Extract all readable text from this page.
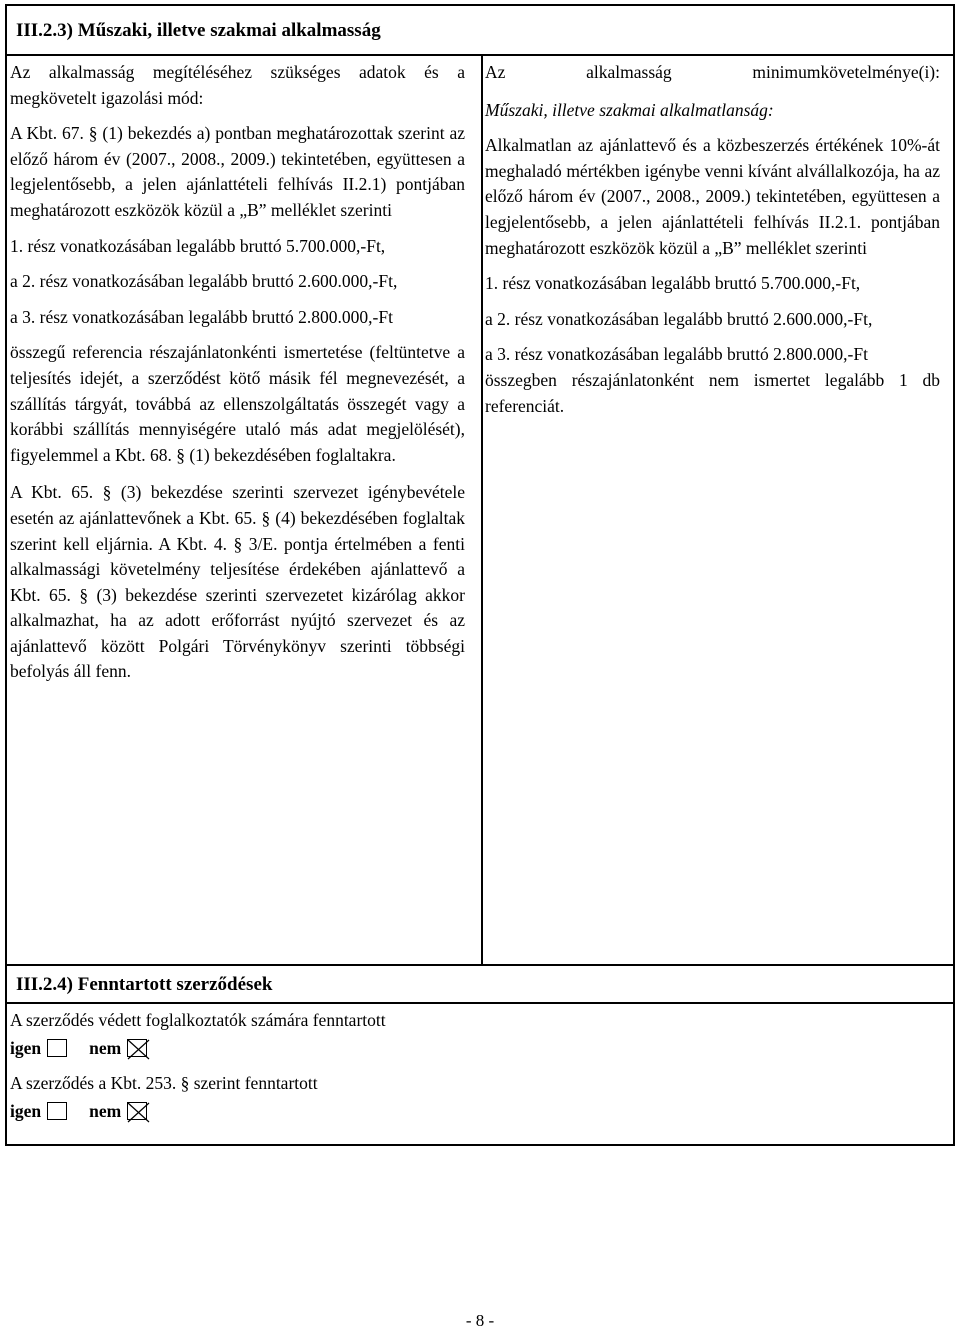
III.2.3) Műszaki, illetve szakmai alkalmasság
III.2.4) Fenntartott szerződések

Az alkalmasság megítéléséhez szükséges adatok és a megkövetelt igazolási mód:

A Kbt. 67. § (1) bekezdés a) pontban meghatározottak szerint az előző három év (2007., 2008., 2009.) tekintetében, együttesen a legjelentősebb, a jelen ajánlattételi felhívás II.2.1) pontjában meghatározott eszközök közül a „B” melléklet szerinti

1. rész vonatkozásában legalább bruttó 5.700.000,-Ft,

a 2. rész vonatkozásában legalább bruttó 2.600.000,-Ft,

a 3. rész vonatkozásában legalább bruttó 2.800.000,-Ft

összegű referencia részajánlatonkénti ismertetése (feltüntetve a teljesítés idejét, a szerződést kötő másik fél megnevezését, a szállítás tárgyát, továbbá az ellenszolgáltatás összegét vagy a korábbi szállítás mennyiségére utaló más adat megjelölését), figyelemmel a Kbt. 68. § (1) bekezdésében foglaltakra.

A Kbt. 65. § (3) bekezdése szerinti szervezet igénybevétele esetén az ajánlattevőnek a Kbt. 65. § (4) bekezdésében foglaltak szerint kell eljárnia. A Kbt. 4. § 3/E. pontja értelmében a fenti alkalmassági követelmény teljesítése érdekében ajánlattevő a Kbt. 65. § (3) bekezdése szerinti szervezetet kizárólag akkor alkalmazhat, ha az adott erőforrást nyújtó szervezet és az ajánlattevő között Polgári Törvénykönyv szerinti többségi befolyás áll fenn.

Az alkalmasság minimumkövetelménye(i):

Műszaki, illetve szakmai alkalmatlanság:

Alkalmatlan az ajánlattevő és a közbeszerzés értékének 10%-át meghaladó mértékben igénybe venni kívánt alvállalkozója, ha az előző három év (2007., 2008., 2009.) tekintetében, együttesen a legjelentősebb, a jelen ajánlattételi felhívás II.2.1. pontjában meghatározott eszközök közül a „B” melléklet szerinti

1. rész vonatkozásában legalább bruttó 5.700.000,-Ft,

a 2. rész vonatkozásában legalább bruttó 2.600.000,-Ft,

a 3. rész vonatkozásában legalább bruttó 2.800.000,-Ft

összegben részajánlatonként nem ismertet legalább 1 db referenciát.

A szerződés védett foglalkoztatók számára fenntartott

igen	nem

A szerződés a Kbt. 253. § szerint fenntartott

igen	nem
- 8 -
